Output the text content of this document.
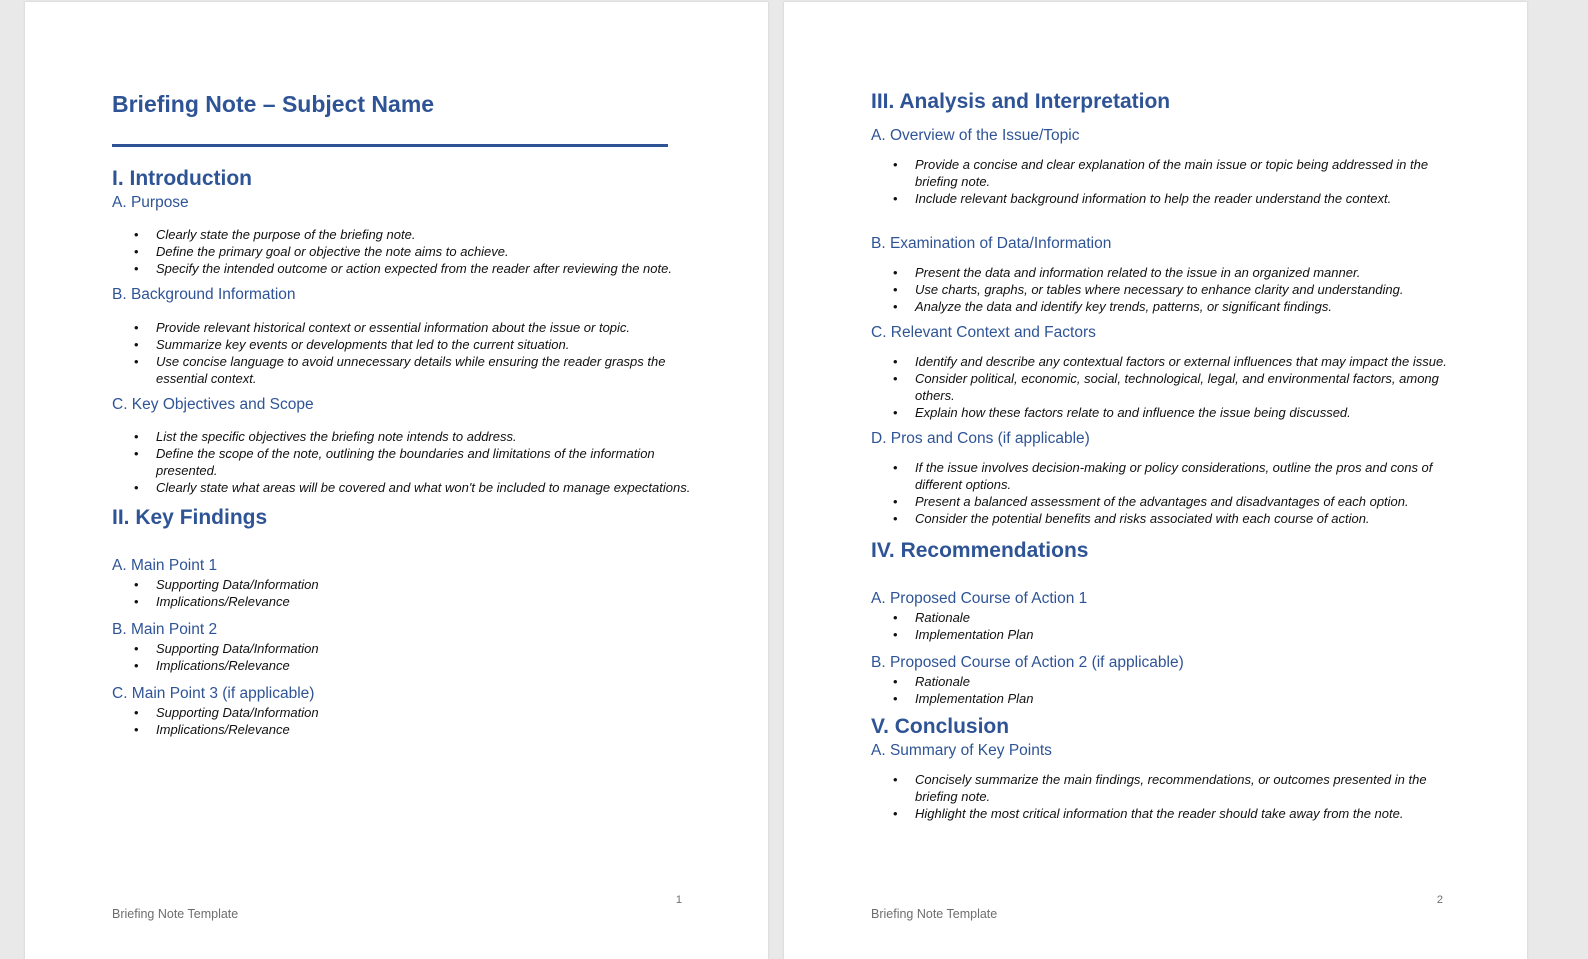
Briefing Note – Subject Name
I. Introduction
A. Purpose
• Clearly state the purpose of the briefing note.
• Define the primary goal or objective the note aims to achieve.
• Specify the intended outcome or action expected from the reader after reviewing the note.
B. Background Information
• Provide relevant historical context or essential information about the issue or topic.
• Summarize key events or developments that led to the current situation.
• Use concise language to avoid unnecessary details while ensuring the reader grasps the essential context.
C. Key Objectives and Scope
• List the specific objectives the briefing note intends to address.
• Define the scope of the note, outlining the boundaries and limitations of the information presented.
• Clearly state what areas will be covered and what won't be included to manage expectations.
II. Key Findings
A. Main Point 1
• Supporting Data/Information
• Implications/Relevance
B. Main Point 2
• Supporting Data/Information
• Implications/Relevance
C. Main Point 3 (if applicable)
• Supporting Data/Information
• Implications/Relevance
1
Briefing Note Template
III. Analysis and Interpretation
A. Overview of the Issue/Topic
• Provide a concise and clear explanation of the main issue or topic being addressed in the briefing note.
• Include relevant background information to help the reader understand the context.
B. Examination of Data/Information
• Present the data and information related to the issue in an organized manner.
• Use charts, graphs, or tables where necessary to enhance clarity and understanding.
• Analyze the data and identify key trends, patterns, or significant findings.
C. Relevant Context and Factors
• Identify and describe any contextual factors or external influences that may impact the issue.
• Consider political, economic, social, technological, legal, and environmental factors, among others.
• Explain how these factors relate to and influence the issue being discussed.
D. Pros and Cons (if applicable)
• If the issue involves decision-making or policy considerations, outline the pros and cons of different options.
• Present a balanced assessment of the advantages and disadvantages of each option.
• Consider the potential benefits and risks associated with each course of action.
IV. Recommendations
A. Proposed Course of Action 1
• Rationale
• Implementation Plan
B. Proposed Course of Action 2 (if applicable)
• Rationale
• Implementation Plan
V. Conclusion
A. Summary of Key Points
• Concisely summarize the main findings, recommendations, or outcomes presented in the briefing note.
• Highlight the most critical information that the reader should take away from the note.
2
Briefing Note Template
